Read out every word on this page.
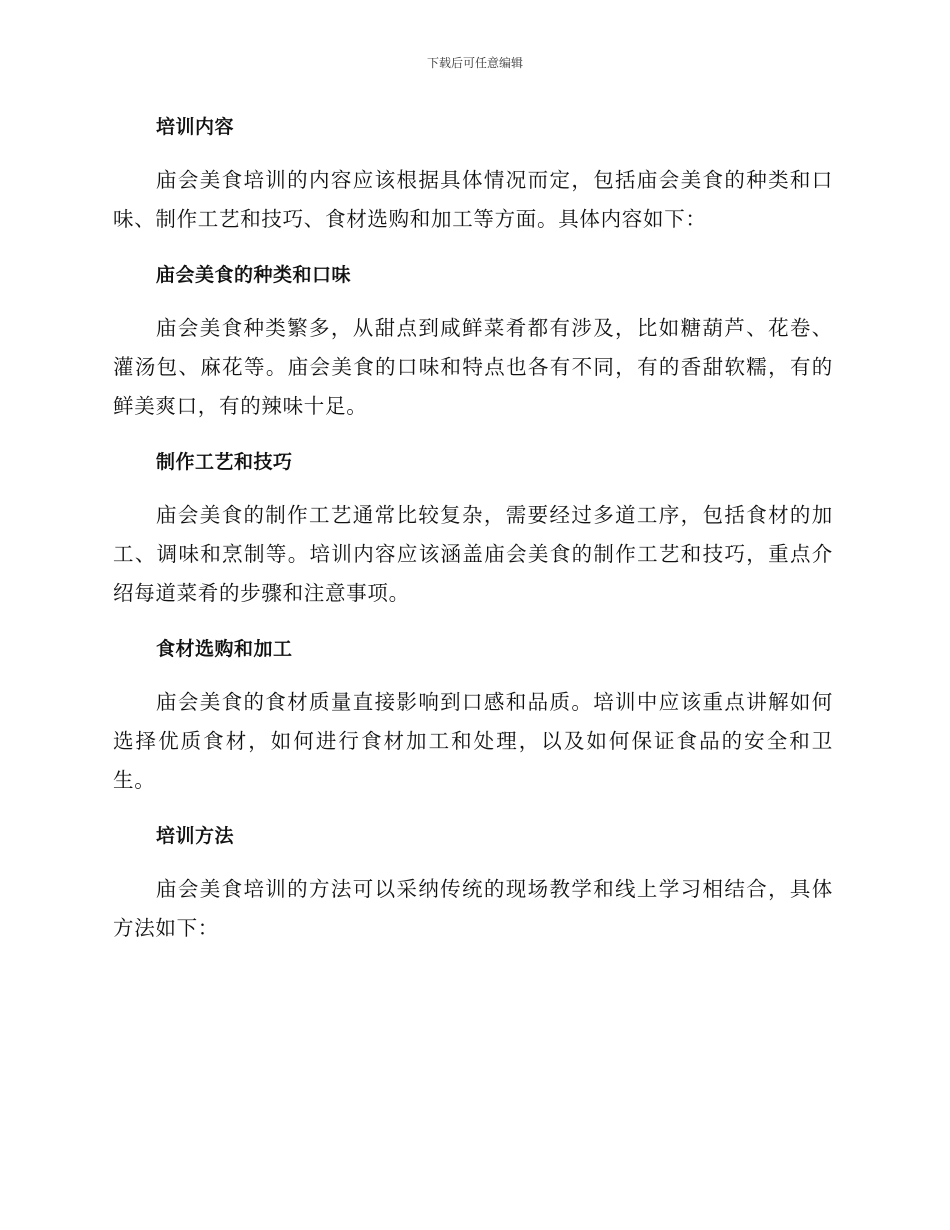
下载后可任意编辑
培训内容

庙会美食培训的内容应该根据具体情况而定，包括庙会美食的种类和口味、制作工艺和技巧、食材选购和加工等方面。具体内容如下：

庙会美食的种类和口味

庙会美食种类繁多，从甜点到咸鲜菜肴都有涉及，比如糖葫芦、花卷、灌汤包、麻花等。庙会美食的口味和特点也各有不同，有的香甜软糯，有的鲜美爽口，有的辣味十足。

制作工艺和技巧

庙会美食的制作工艺通常比较复杂，需要经过多道工序，包括食材的加工、调味和烹制等。培训内容应该涵盖庙会美食的制作工艺和技巧，重点介绍每道菜肴的步骤和注意事项。

食材选购和加工

庙会美食的食材质量直接影响到口感和品质。培训中应该重点讲解如何选择优质食材，如何进行食材加工和处理，以及如何保证食品的安全和卫生。

培训方法

庙会美食培训的方法可以采纳传统的现场教学和线上学习相结合，具体方法如下：
